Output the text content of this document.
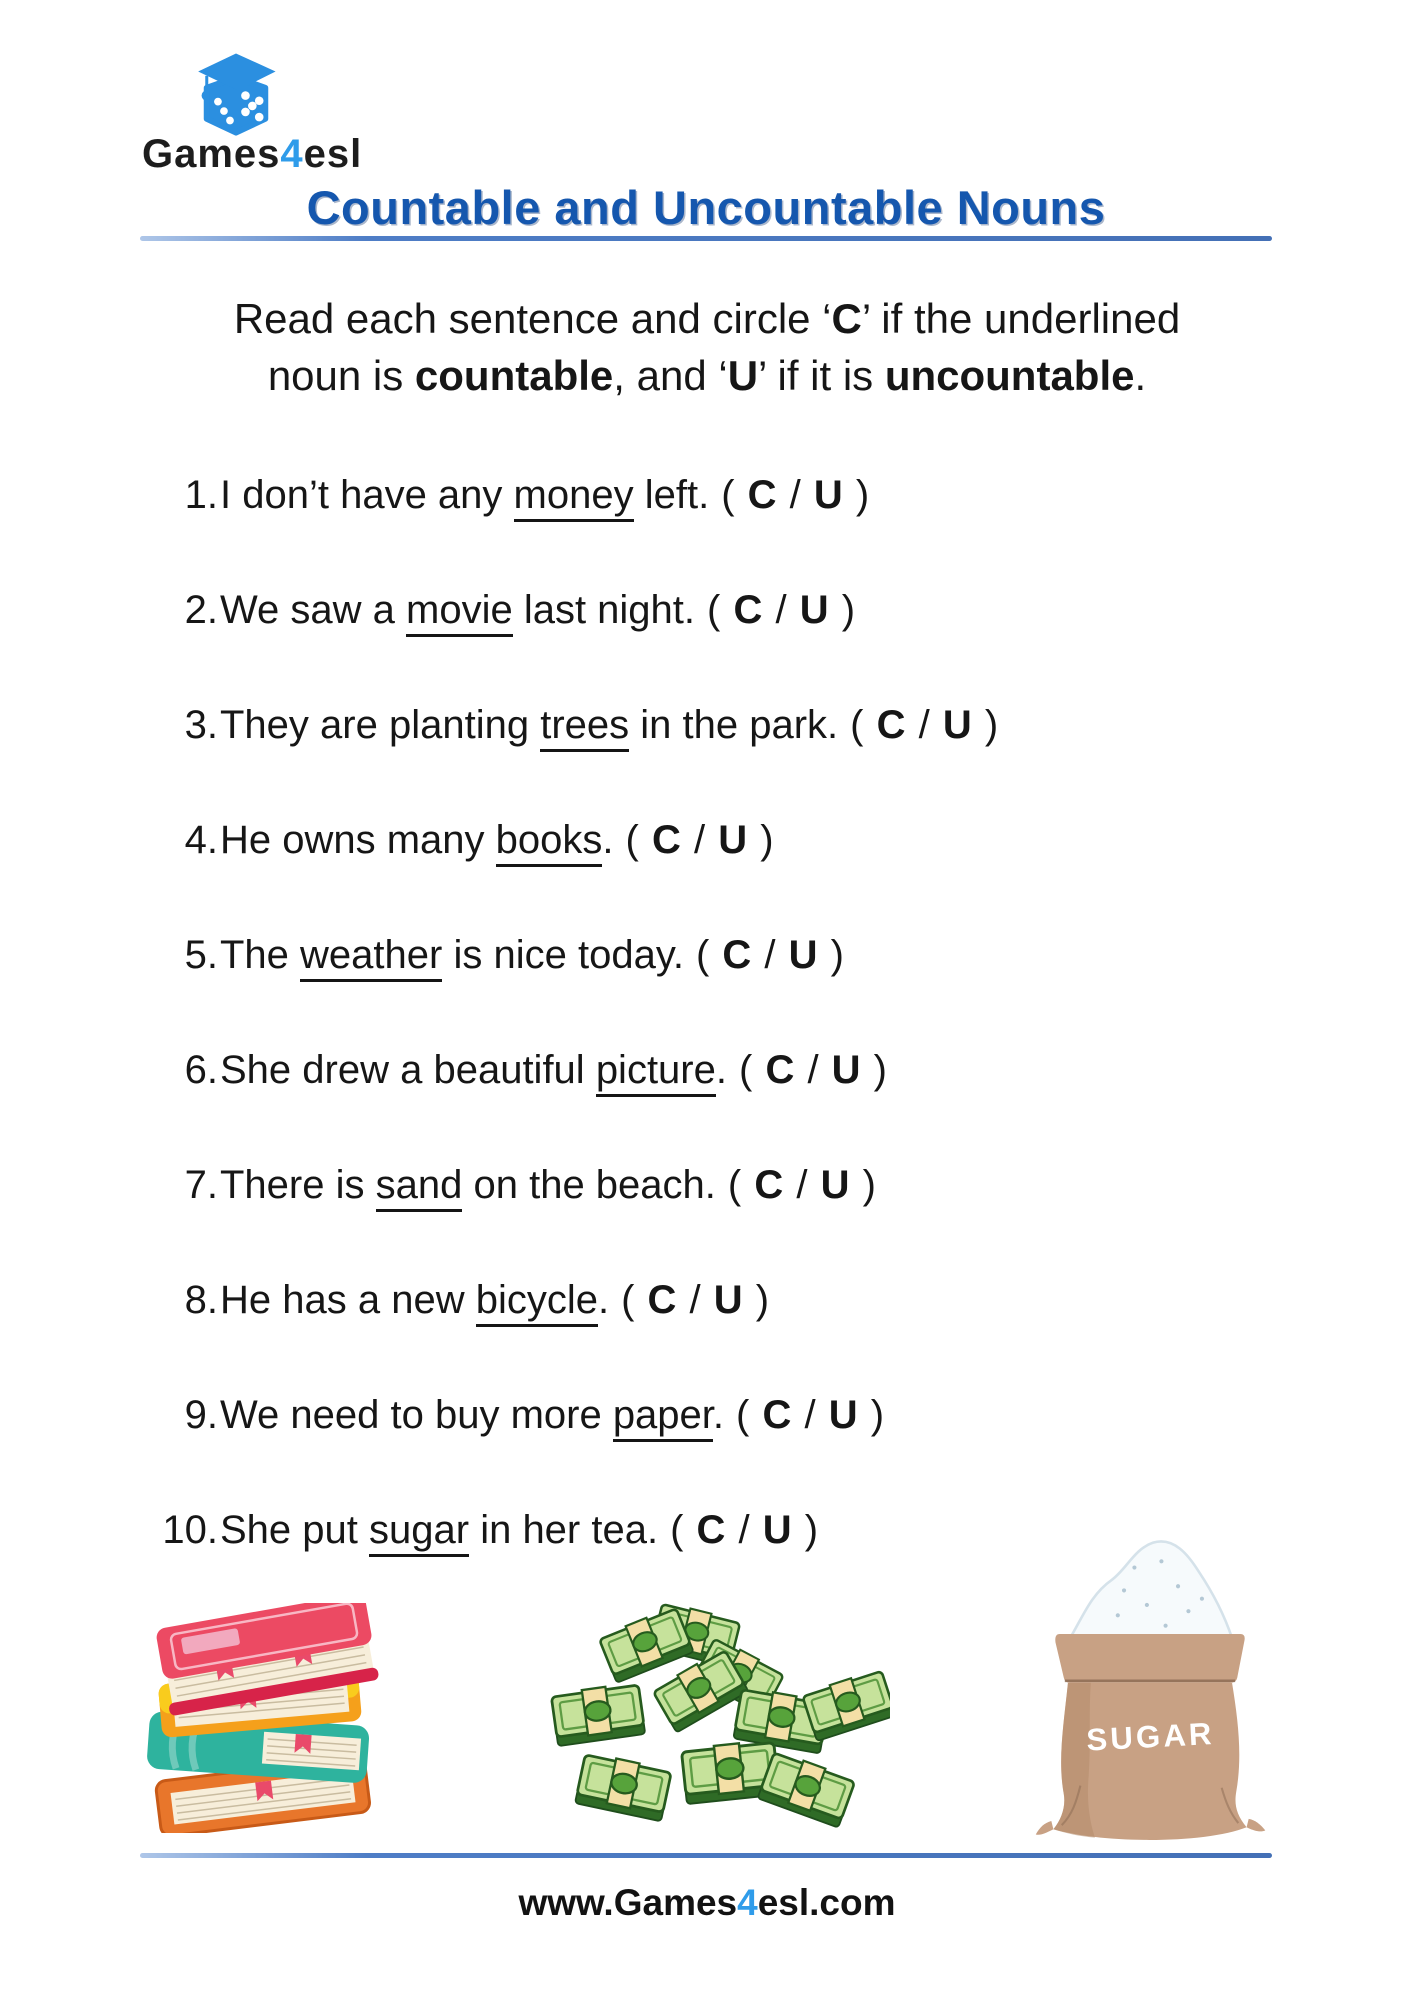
Games4esl
Countable and Uncountable Nouns
Read each sentence and circle ‘C’ if the underlined
noun is countable, and ‘U’ if it is uncountable.
1.I don’t have any money left. ( C / U )
2.We saw a movie last night. ( C / U )
3.They are planting trees in the park. ( C / U )
4.He owns many books. ( C / U )
5.The weather is nice today. ( C / U )
6.She drew a beautiful picture. ( C / U )
7.There is sand on the beach. ( C / U )
8.He has a new bicycle. ( C / U )
9.We need to buy more paper. ( C / U )
10.She put sugar in her tea. ( C / U )
SUGAR
www.Games4esl.com
